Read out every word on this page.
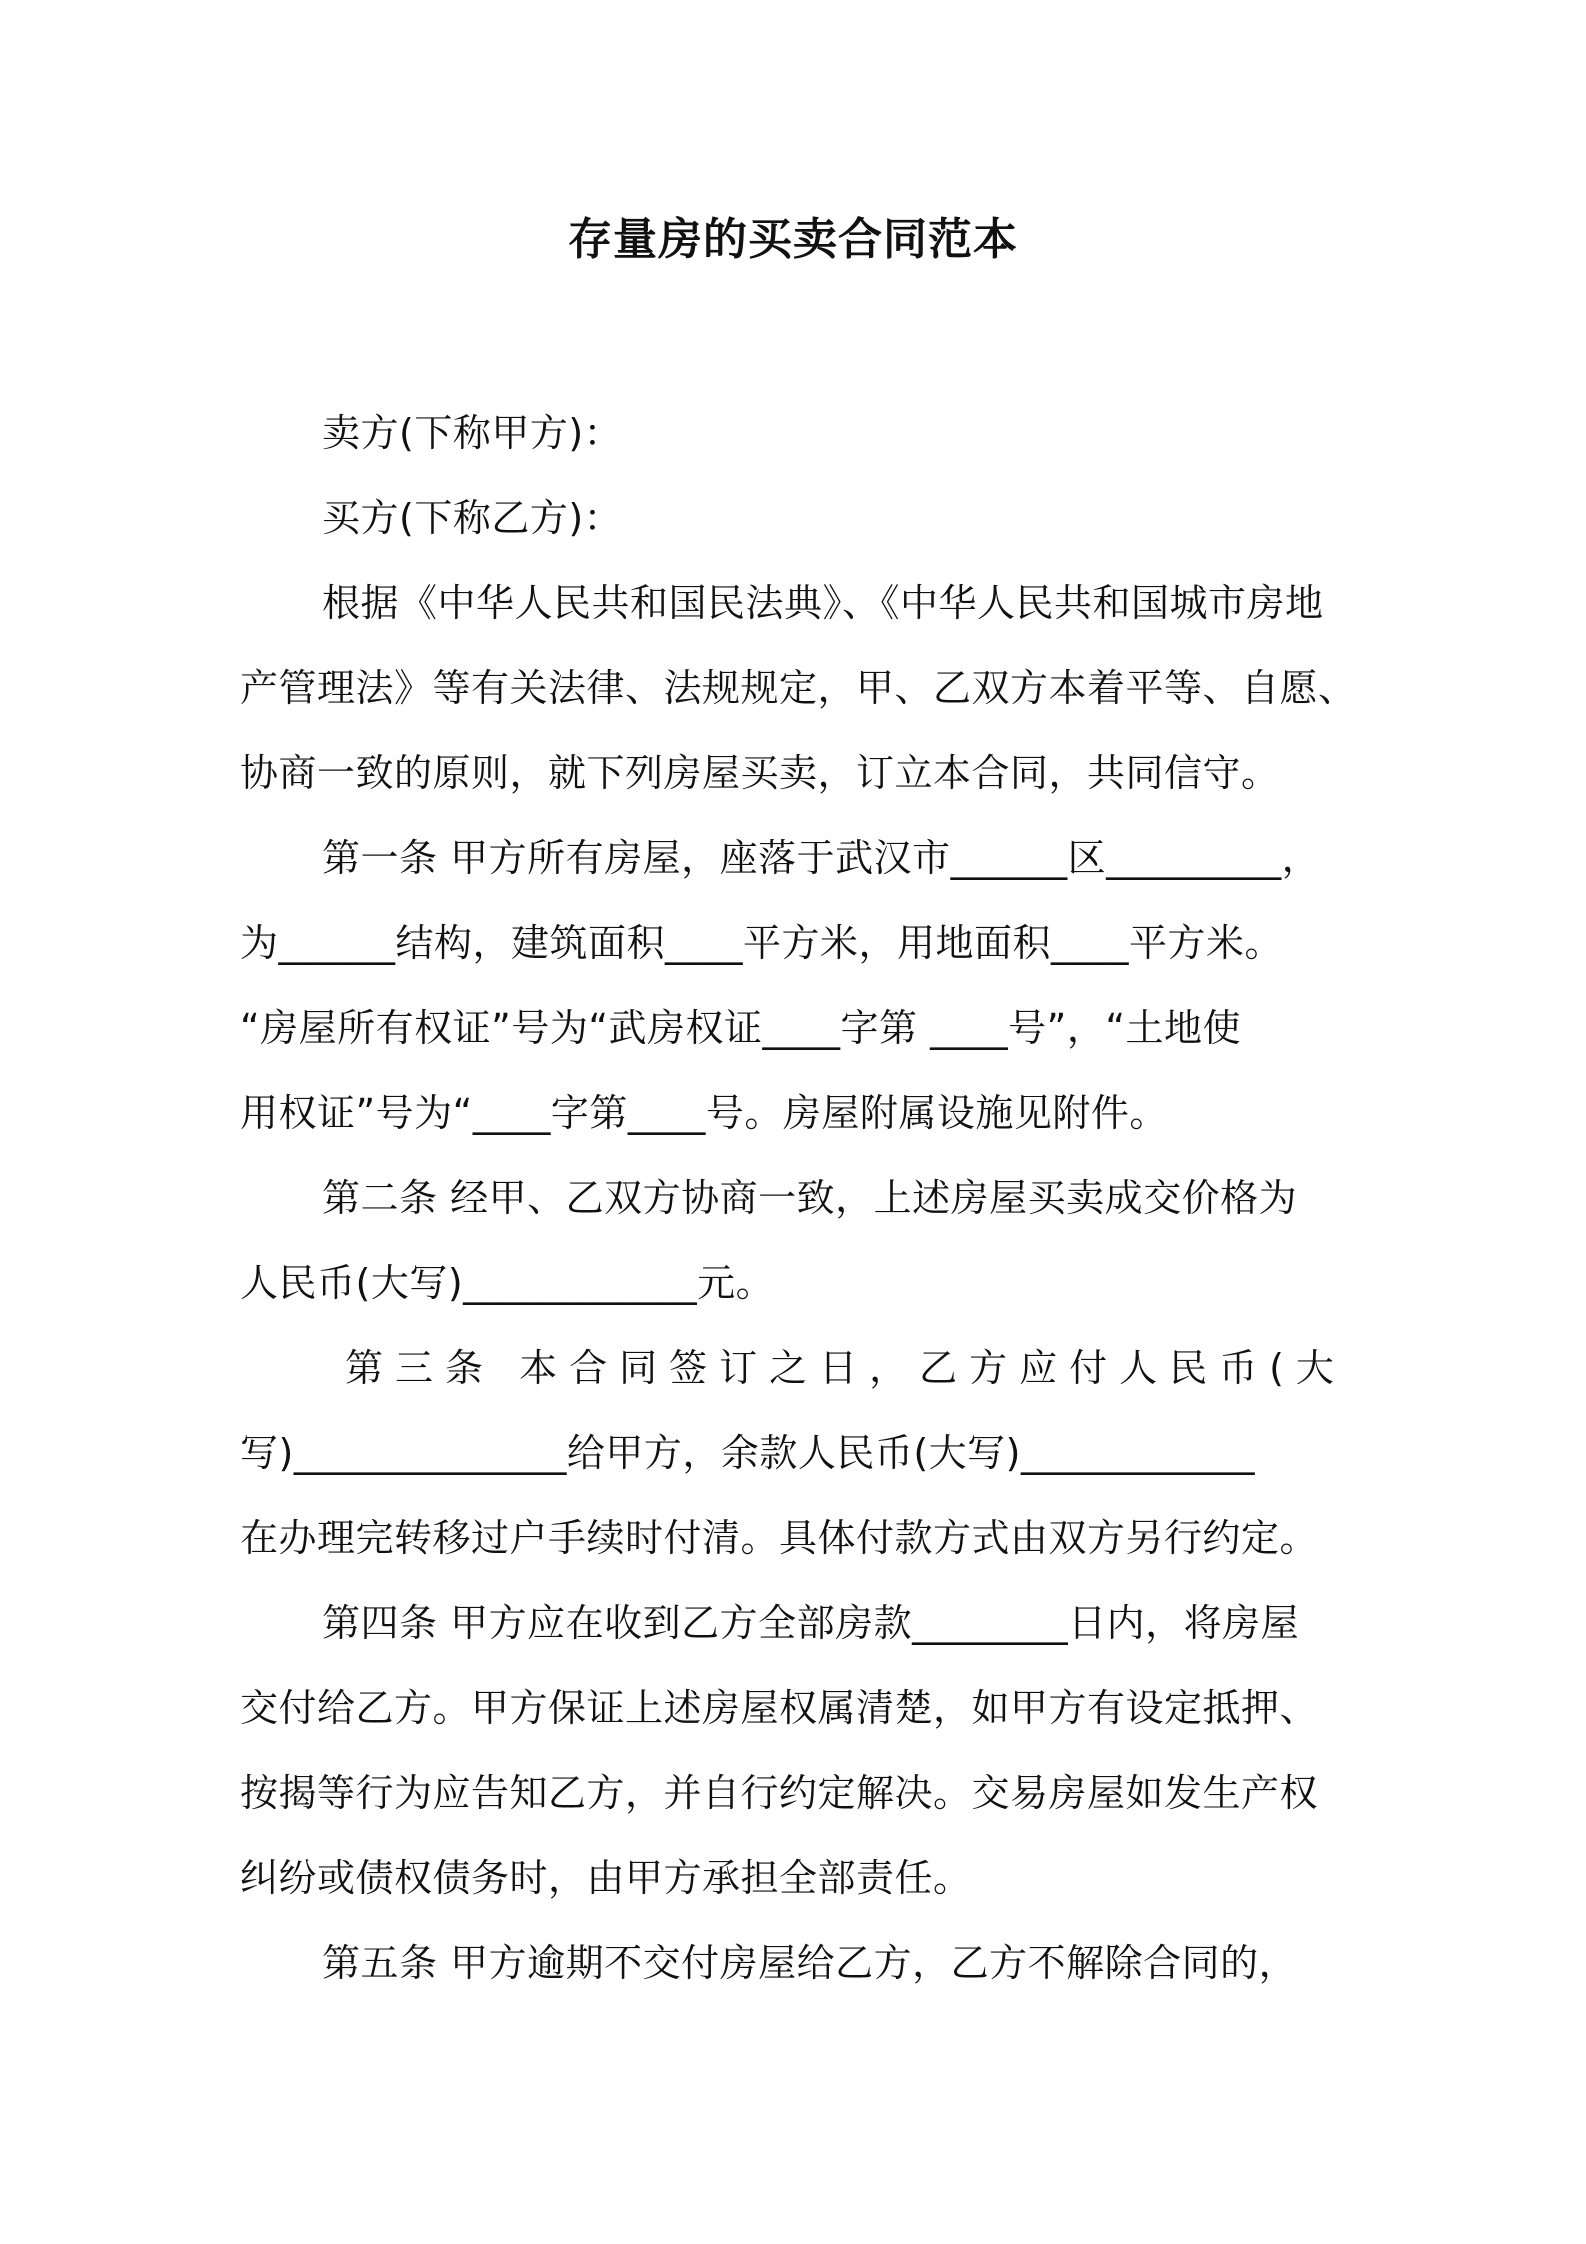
存量房的买卖合同范本
卖方(下称甲方)：
买方(下称乙方)：
根据《中华人民共和国民法典》、《中华人民共和国城市房地
产管理法》等有关法律、法规规定，甲、乙双方本着平等、自愿、
协商一致的原则，就下列房屋买卖，订立本合同，共同信守。
第一条 甲方所有房屋，座落于武汉市______区_________，
为______结构，建筑面积____平方米，用地面积____平方米。
“房屋所有权证”号为“武房权证____字第 ____号”，“土地使
用权证”号为“____字第____号。房屋附属设施见附件。
第二条 经甲、乙双方协商一致，上述房屋买卖成交价格为
人民币(大写)____________元。
第三条 本合同签订之日，乙方应付人民币(大
写)______________给甲方，余款人民币(大写)____________
在办理完转移过户手续时付清。具体付款方式由双方另行约定。
第四条 甲方应在收到乙方全部房款________日内，将房屋
交付给乙方。甲方保证上述房屋权属清楚，如甲方有设定抵押、
按揭等行为应告知乙方，并自行约定解决。交易房屋如发生产权
纠纷或债权债务时，由甲方承担全部责任。
第五条 甲方逾期不交付房屋给乙方，乙方不解除合同的，
